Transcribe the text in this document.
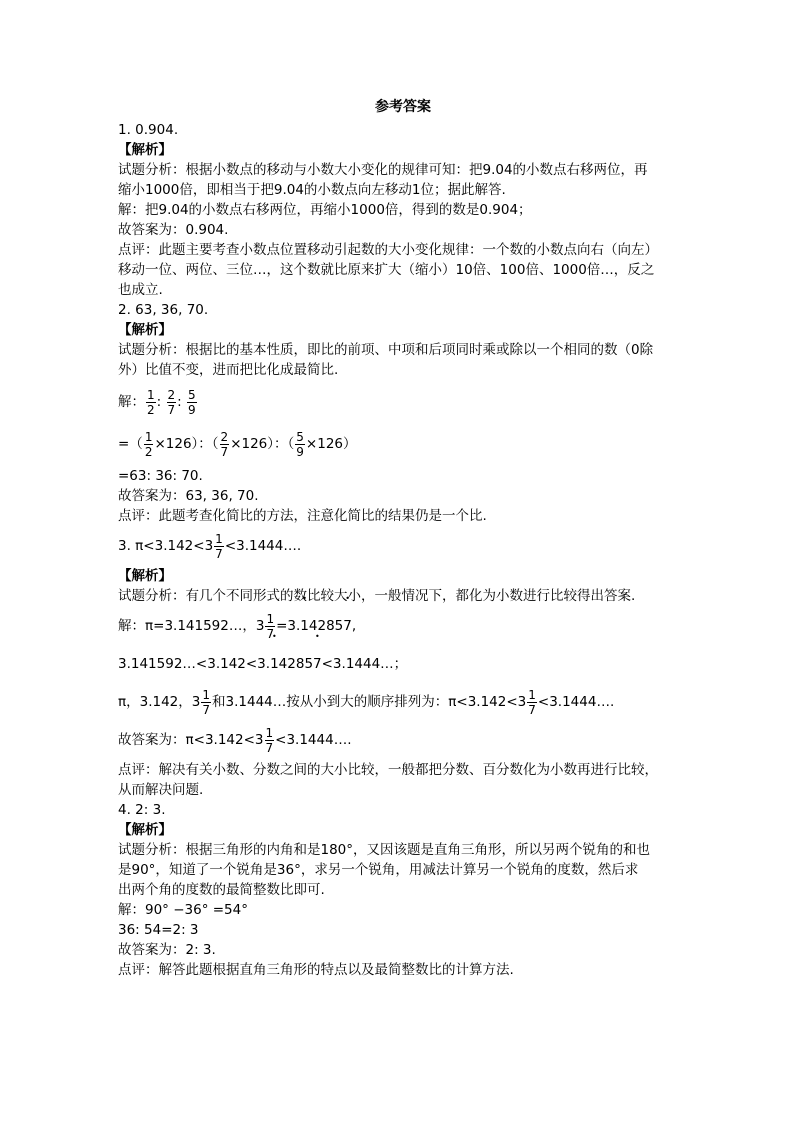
参考答案
1. 0.904.
【解析】
试题分析：根据小数点的移动与小数大小变化的规律可知：把9.04的小数点右移两位，再
缩小1000倍，即相当于把9.04的小数点向左移动1位；据此解答.
解：把9.04的小数点右移两位，再缩小1000倍，得到的数是0.904；
故答案为：0.904.
点评：此题主要考查小数点位置移动引起数的大小变化规律：一个数的小数点向右（向左）
移动一位、两位、三位…，这个数就比原来扩大（缩小）10倍、100倍、1000倍…，反之
也成立.
2. 63, 36, 70.
【解析】
试题分析：根据比的基本性质，即比的前项、中项和后项同时乘或除以一个相同的数（0除
外）比值不变，进而把比化成最简比.
解： $\frac{1}{2}$ : $\frac{2}{7}$ : $\frac{5}{9}$
=（ $\frac{1}{2} \times 126$）：（ $\frac{2}{7} \times 126$）：（ $\frac{5}{9} \times 126$）
=63: 36: 70.
故答案为：63, 36, 70.
点评：此题考查化简比的方法，注意化简比的结果仍是一个比.
3. $\pi<3.142<3 \frac{1}{7}$ <3.1444….
【解析】
试题分析：有几个不同形式的数比较大小，一般情况下，都化为小数进行比较得出答案.
解：π=3.141592…，$3 \frac{1}{7}$ =3.• 14285• 7,
3.141592…<3.142<3.• 14285• 7<3.1444…；
π，3.142，$3 \frac{1}{7}$ 和3.1444…按从小到大的顺序排列为：$\pi<3.142<3 \frac{1}{7}$ <3.1444….
故答案为：$\pi<3.142<3 \frac{1}{7}$ <3.1444….
点评：解决有关小数、分数之间的大小比较，一般都把分数、百分数化为小数再进行比较，
从而解决问题.
4. 2: 3.
【解析】
试题分析：根据三角形的内角和是180°，又因该题是直角三角形，所以另两个锐角的和也
是90°，知道了一个锐角是36°，求另一个锐角，用减法计算另一个锐角的度数，然后求
出两个角的度数的最简整数比即可.
解：90° −36° =54°
36: 54=2: 3
故答案为：2: 3.
点评：解答此题根据直角三角形的特点以及最简整数比的计算方法.
